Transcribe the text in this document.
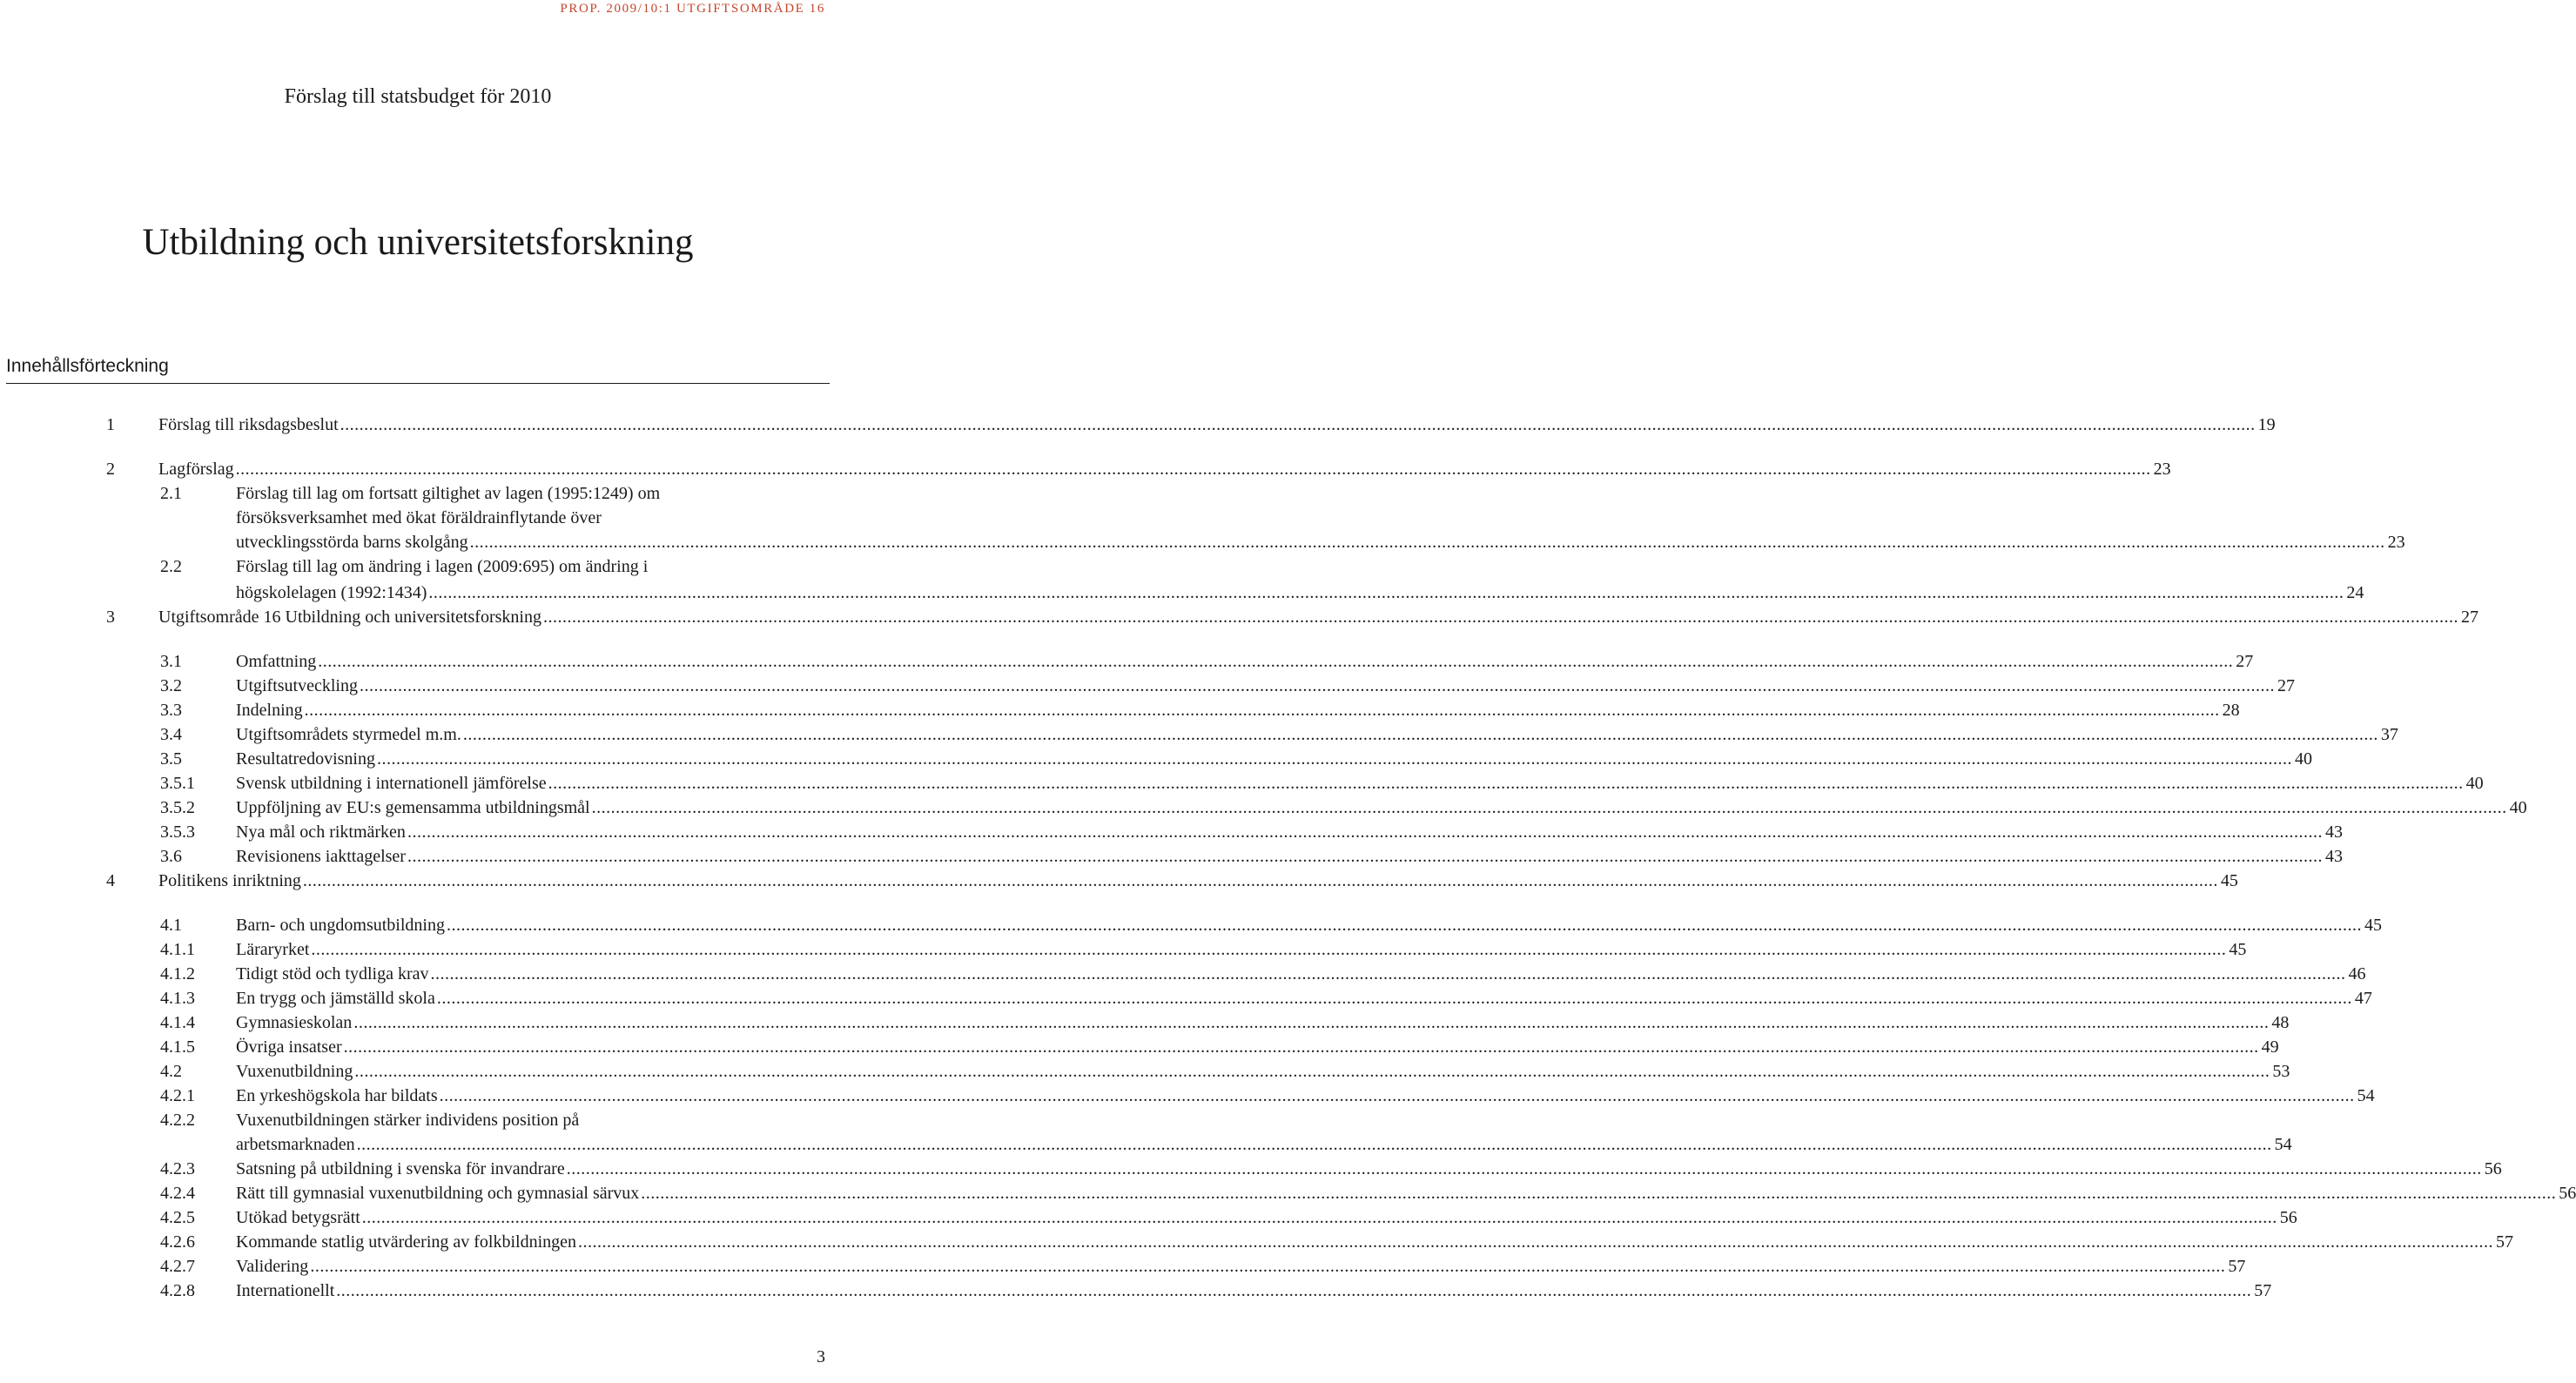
PROP. 2009/10:1 UTGIFTSOMRÅDE 16
Förslag till statsbudget för 2010
Utbildning och universitetsforskning
Innehållsförteckning
1	Förslag till riksdagsbeslut ................................................................................................................................................................................................................................................................................................................................................................................................................ 19
2	Lagförslag ................................................................................................................................................................................................................................................................................................................................................................................................................ 23
2.1	Förslag till lag om fortsatt giltighet av lagen (1995:1249) om
försöksverksamhet med ökat föräldrainflytande över
utvecklingsstörda barns skolgång ................................................................................................................................................................................................................................................................................................................................................................................................................ 23
2.2	Förslag till lag om ändring i lagen (2009:695) om ändring i
högskolelagen (1992:1434) ................................................................................................................................................................................................................................................................................................................................................................................................................ 24
3	Utgiftsområde 16 Utbildning och universitetsforskning ................................................................................................................................................................................................................................................................................................................................................................................................................ 27
3.1	Omfattning ................................................................................................................................................................................................................................................................................................................................................................................................................ 27
3.2	Utgiftsutveckling ................................................................................................................................................................................................................................................................................................................................................................................................................ 27
3.3	Indelning ................................................................................................................................................................................................................................................................................................................................................................................................................ 28
3.4	Utgiftsområdets styrmedel m.m. ................................................................................................................................................................................................................................................................................................................................................................................................................ 37
3.5	Resultatredovisning ................................................................................................................................................................................................................................................................................................................................................................................................................ 40
3.5.1 Svensk utbildning i internationell jämförelse ................................................................................................................................................................................................................................................................................................................................................................................................................ 40
3.5.2 Uppföljning av EU:s gemensamma utbildningsmål ................................................................................................................................................................................................................................................................................................................................................................................................................ 40
3.5.3 Nya mål och riktmärken ................................................................................................................................................................................................................................................................................................................................................................................................................ 43
3.6	Revisionens iakttagelser ................................................................................................................................................................................................................................................................................................................................................................................................................ 43
4	Politikens inriktning ................................................................................................................................................................................................................................................................................................................................................................................................................ 45
4.1	Barn- och ungdomsutbildning ................................................................................................................................................................................................................................................................................................................................................................................................................ 45
4.1.1 Läraryrket ................................................................................................................................................................................................................................................................................................................................................................................................................ 45
4.1.2 Tidigt stöd och tydliga krav ................................................................................................................................................................................................................................................................................................................................................................................................................ 46
4.1.3 En trygg och jämställd skola ................................................................................................................................................................................................................................................................................................................................................................................................................ 47
4.1.4 Gymnasieskolan ................................................................................................................................................................................................................................................................................................................................................................................................................ 48
4.1.5 Övriga insatser ................................................................................................................................................................................................................................................................................................................................................................................................................ 49
4.2	Vuxenutbildning ................................................................................................................................................................................................................................................................................................................................................................................................................ 53
4.2.1 En yrkeshögskola har bildats ................................................................................................................................................................................................................................................................................................................................................................................................................ 54
4.2.2 Vuxenutbildningen stärker individens position på
arbetsmarknaden ................................................................................................................................................................................................................................................................................................................................................................................................................ 54
4.2.3 Satsning på utbildning i svenska för invandrare ................................................................................................................................................................................................................................................................................................................................................................................................................ 56
4.2.4 Rätt till gymnasial vuxenutbildning och gymnasial särvux ................................................................................................................................................................................................................................................................................................................................................................................................................ 56
4.2.5 Utökad betygsrätt ................................................................................................................................................................................................................................................................................................................................................................................................................ 56
4.2.6 Kommande statlig utvärdering av folkbildningen ................................................................................................................................................................................................................................................................................................................................................................................................................ 57
4.2.7 Validering ................................................................................................................................................................................................................................................................................................................................................................................................................ 57
4.2.8 Internationellt ................................................................................................................................................................................................................................................................................................................................................................................................................ 57
3
